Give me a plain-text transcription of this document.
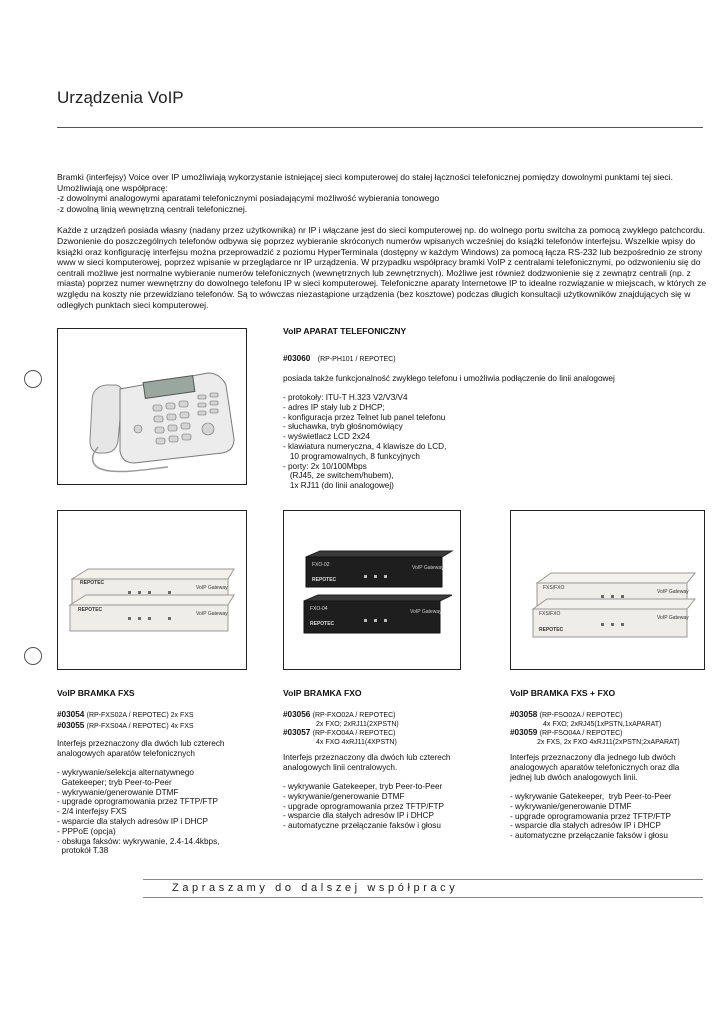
Urządzenia VoIP

Bramki (interfejsy) Voice over IP umożliwiają wykorzystanie istniejącej sieci komputerowej do stałej łączności telefonicznej pomiędzy dowolnymi punktami tej sieci. Umożliwiają one współpracę:
-z dowolnymi analogowymi aparatami telefonicznymi posiadającymi możliwość wybierania tonowego
-z dowolną linią wewnętrzną centrali telefonicznej.

Każde z urządzeń posiada własny (nadany przez użytkownika) nr IP i włączane jest do sieci komputerowej np. do wolnego portu switcha za pomocą zwykłego patchcordu. Dzwonienie do poszczególnych telefonów odbywa się poprzez wybieranie skróconych numerów wpisanych wcześniej do książki telefonów interfejsu. Wszelkie wpisy do książki oraz konfigurację interfejsu można przeprowadzić z poziomu HyperTerminala (dostępny w każdym Windows) za pomocą łącza RS-232 lub bezpośrednio ze strony www w sieci komputerowej, poprzez wpisanie w przeglądarce nr IP urządzenia. W przypadku współpracy bramki VoIP z centralami telefonicznymi, po odzwonieniu się do centrali możliwe jest normalne wybieranie numerów telefonicznych (wewnętrznych lub zewnętrznych). Możliwe jest również dodzwonienie się z zewnątrz centrali (np. z miasta) poprzez numer wewnętrzny do dowolnego telefonu IP w sieci komputerowej. Telefoniczne aparaty Internetowe IP to idealne rozwiązanie w miejscach, w których ze względu na koszty nie przewidziano telefonów. Są to wówczas niezastąpione urządzenia (bez kosztowe) podczas długich konsultacji użytkowników znajdujących się w odległych punktach sieci komputerowej.

VoIP APARAT TELEFONICZNY
#03060 (RP-PH101 / REPOTEC)
posiada także funkcjonalność zwykłego telefonu i umożliwia podłączenie do linii analogowej
- protokoły: ITU-T H.323 V2/V3/V4
- adres IP stały lub z DHCP;
- konfiguracja przez Telnet lub panel telefonu
- słuchawka, tryb głośnomówiący
- wyświetlacz LCD 2x24
- klawiatura numeryczna, 4 klawisze do LCD,
10 programowalnych, 8 funkcyjnych
- porty: 2x 10/100Mbps
(RJ45, ze switchem/hubem),
1x RJ11 (do linii analogowej)
REPOTEC
VoIP Gateway
REPOTEC
VoIP Gateway
FXO-02
REPOTEC
VoIP Gateway
FXO-04
REPOTEC
VoIP Gateway
FXS/FXO
VoIP Gateway
FXS/FXO
REPOTEC
VoIP Gateway
VoIP BRAMKA FXS
#03054 (RP-FXS02A / REPOTEC) 2x FXS
#03055 (RP-FXS04A / REPOTEC) 4x FXS
Interfejs przeznaczony dla dwóch lub czterech analogowych aparatów telefonicznych
- wykrywanie/selekcja alternatywnego
Gatekeeper; tryb Peer-to-Peer
- wykrywanie/generowanie DTMF
- upgrade oprogramowania przez TFTP/FTP
- 2/4 interfejsy FXS
- wsparcie dla stałych adresów IP i DHCP
- PPPoE (opcja)
- obsługa faksów: wykrywanie, 2.4-14.4kbps,
protokół T.38
VoIP BRAMKA FXO
#03056 (RP-FXO02A / REPOTEC)
2x FXO; 2xRJ11(2XPSTN)
#03057 (RP-FXO04A / REPOTEC)
4x FXO 4xRJ11(4XPSTN)
Interfejs przeznaczony dla dwóch lub czterech analogowych linii centralowych.
- wykrywanie Gatekeeper, tryb Peer-to-Peer
- wykrywanie/generowanie DTMF
- upgrade oprogramowania przez TFTP/FTP
- wsparcie dla stałych adresów IP i DHCP
- automatyczne przełączanie faksów i głosu
VoIP BRAMKA FXS + FXO
#03058 (RP-FSO02A / REPOTEC)
4x FXO; 2xRJ45(1xPSTN,1xAPARAT)
#03059 (RP-FSO04A / REPOTEC)
2x FXS, 2x FXO 4xRJ11(2xPSTN;2xAPARAT)
Interfejs przeznaczony dla jednego lub dwóch analogowych aparatów telefonicznych oraz dla jednej lub dwóch analogowych linii.
- wykrywanie Gatekeeper,  tryb Peer-to-Peer
- wykrywanie/generowanie DTMF
- upgrade oprogramowania przez TFTP/FTP
- wsparcie dla stałych adresów IP i DHCP
- automatyczne przełączanie faksów i głosu
Zapraszamy do dalszej współpracy
